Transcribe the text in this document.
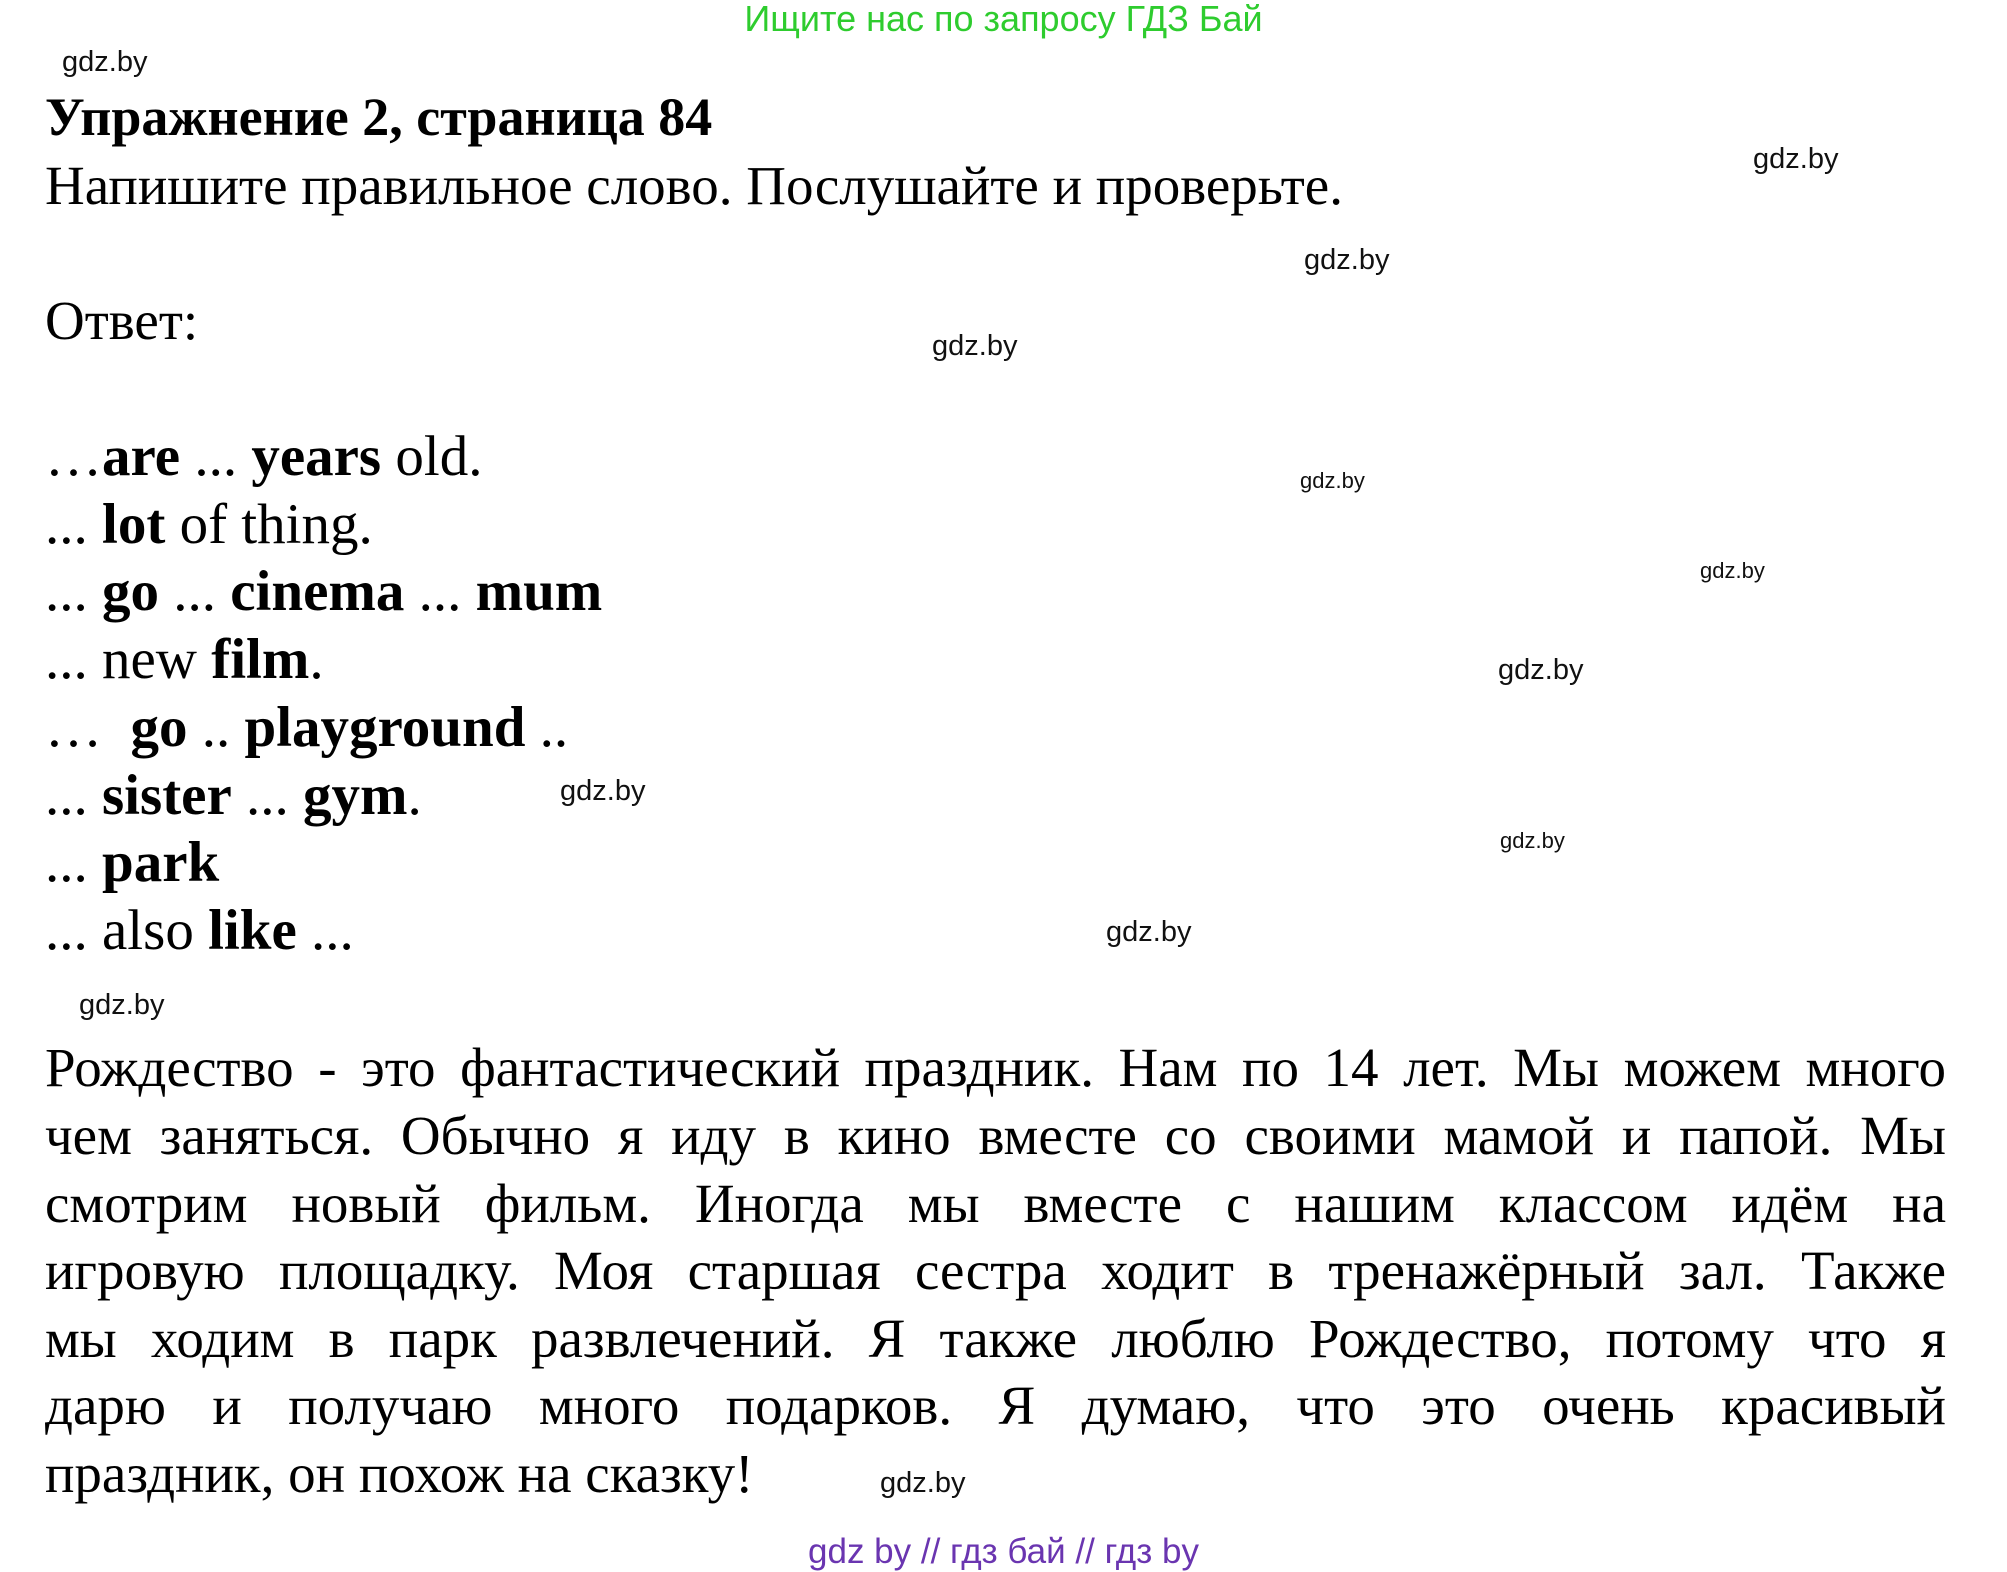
Ищите нас по запросу ГДЗ Бай
gdz.by
Упражнение 2, страница 84
Напишите правильное слово. Послушайте и проверьте.	gdz.by
gdz.by
Ответ:	gdz.by
…are ... years old.
... lot of thing.
... go ... cinema ... mum
... new film.
…  go .. playground ..
... sister ... gym.
... park
... also like ...
gdz.by
gdz.by
gdz.by
gdz.by
gdz.by
gdz.by
gdz.by
Рождество - это фантастический праздник. Нам по 14 лет. Мы можем много
чем заняться. Обычно я иду в кино вместе со своими мамой и папой. Мы
смотрим новый фильм. Иногда мы вместе с нашим классом идём на
игровую площадку. Моя старшая сестра ходит в тренажёрный зал. Также
мы ходим в парк развлечений. Я также люблю Рождество, потому что я
дарю и получаю много подарков. Я думаю, что это очень красивый
праздник, он похож на сказку!	gdz.by
gdz by // гдз бай // гдз by
